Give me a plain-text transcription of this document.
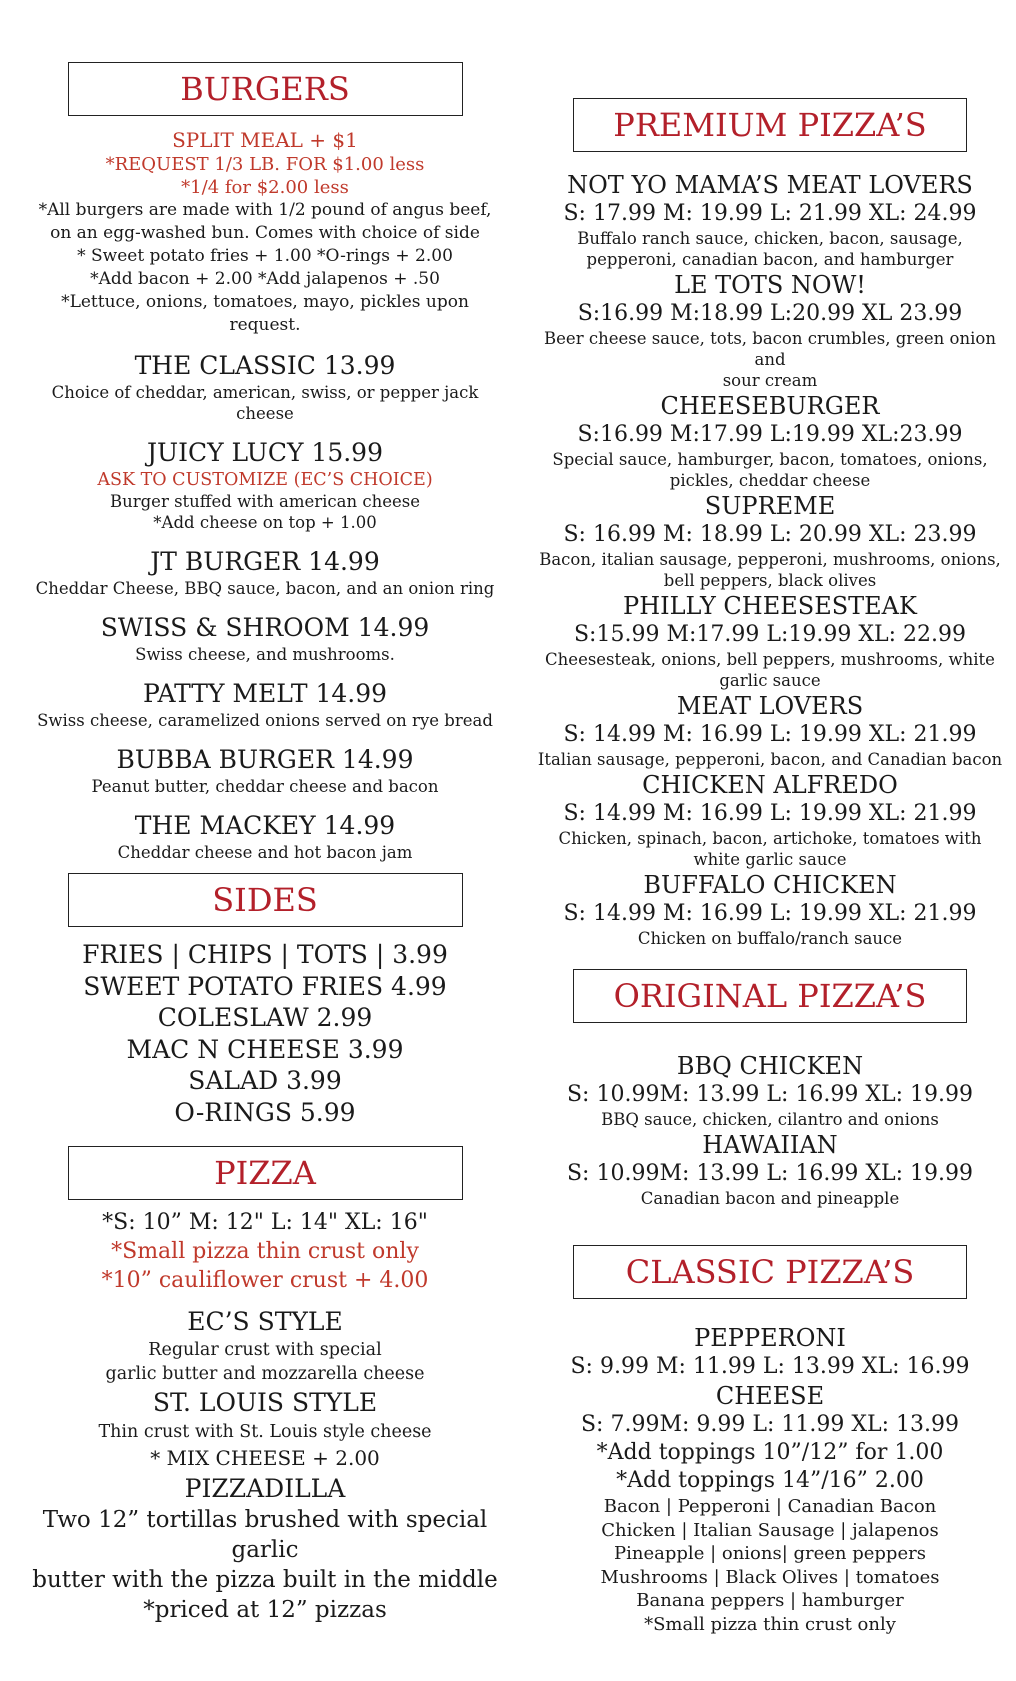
BURGERS
SPLIT MEAL + $1
*REQUEST 1/3 LB. FOR $1.00 less
*1/4 for $2.00 less
*All burgers are made with 1/2 pound of angus beef,
on an egg-washed bun. Comes with choice of side
* Sweet potato fries + 1.00 *O-rings + 2.00
*Add bacon + 2.00 *Add jalapenos + .50
*Lettuce, onions, tomatoes, mayo, pickles upon
request.
THE CLASSIC 13.99
Choice of cheddar, american, swiss, or pepper jack
cheese
JUICY LUCY 15.99
ASK TO CUSTOMIZE (EC’S CHOICE)
Burger stuffed with american cheese
*Add cheese on top + 1.00
JT BURGER 14.99
Cheddar Cheese, BBQ sauce, bacon, and an onion ring
SWISS & SHROOM 14.99
Swiss cheese, and mushrooms.
PATTY MELT 14.99
Swiss cheese, caramelized onions served on rye bread
BUBBA BURGER 14.99
Peanut butter, cheddar cheese and bacon
THE MACKEY 14.99
Cheddar cheese and hot bacon jam
SIDES
FRIES | CHIPS | TOTS | 3.99
SWEET POTATO FRIES 4.99
COLESLAW 2.99
MAC N CHEESE 3.99
SALAD 3.99
O-RINGS 5.99
PIZZA
*S: 10” M: 12" L: 14" XL: 16"
*Small pizza thin crust only
*10” cauliflower crust + 4.00
EC’S STYLE
Regular crust with special
garlic butter and mozzarella cheese
ST. LOUIS STYLE
Thin crust with St. Louis style cheese
* MIX CHEESE + 2.00
PIZZADILLA
Two 12” tortillas brushed with special garlic
butter with the pizza built in the middle
*priced at 12” pizzas
PREMIUM PIZZA’S
NOT YO MAMA’S MEAT LOVERS
S: 17.99 M: 19.99 L: 21.99 XL: 24.99
Buffalo ranch sauce, chicken, bacon, sausage,
pepperoni, canadian bacon, and hamburger
LE TOTS NOW!
S:16.99 M:18.99 L:20.99 XL 23.99
Beer cheese sauce, tots, bacon crumbles, green onion and
sour cream
CHEESEBURGER
S:16.99 M:17.99 L:19.99 XL:23.99
Special sauce, hamburger, bacon, tomatoes, onions,
pickles, cheddar cheese
SUPREME
S: 16.99 M: 18.99 L: 20.99 XL: 23.99
Bacon, italian sausage, pepperoni, mushrooms, onions,
bell peppers, black olives
PHILLY CHEESESTEAK
S:15.99 M:17.99 L:19.99 XL: 22.99
Cheesesteak, onions, bell peppers, mushrooms, white
garlic sauce
MEAT LOVERS
S: 14.99 M: 16.99 L: 19.99 XL: 21.99
Italian sausage, pepperoni, bacon, and Canadian bacon
CHICKEN ALFREDO
S: 14.99 M: 16.99 L: 19.99 XL: 21.99
Chicken, spinach, bacon, artichoke, tomatoes with
white garlic sauce
BUFFALO CHICKEN
S: 14.99 M: 16.99 L: 19.99 XL: 21.99
Chicken on buffalo/ranch sauce
ORIGINAL PIZZA’S
BBQ CHICKEN
S: 10.99M: 13.99 L: 16.99 XL: 19.99
BBQ sauce, chicken, cilantro and onions
HAWAIIAN
S: 10.99M: 13.99 L: 16.99 XL: 19.99
Canadian bacon and pineapple
CLASSIC PIZZA’S
PEPPERONI
S: 9.99 M: 11.99 L: 13.99 XL: 16.99
CHEESE
S: 7.99M: 9.99 L: 11.99 XL: 13.99
*Add toppings 10”/12” for 1.00
*Add toppings 14”/16” 2.00
Bacon | Pepperoni | Canadian Bacon
Chicken | Italian Sausage | jalapenos
Pineapple | onions| green peppers
Mushrooms | Black Olives | tomatoes
Banana peppers | hamburger
*Small pizza thin crust only
